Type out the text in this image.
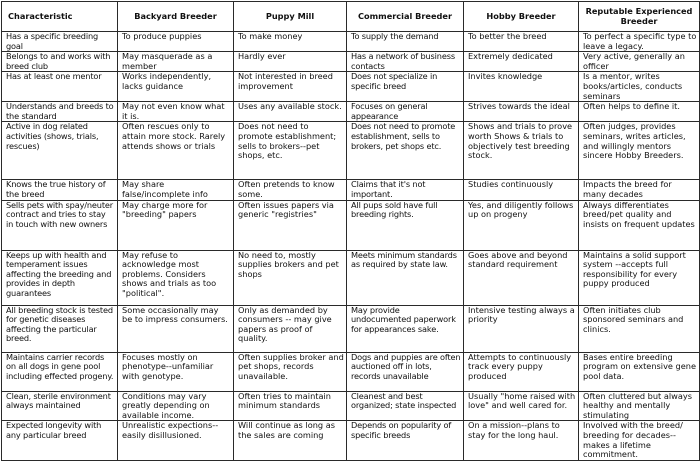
Characteristic	Backyard Breeder	Puppy Mill	Commercial Breeder	Hobby Breeder	Reputable Experienced Breeder
Has a specific breeding goal	To produce puppies	To make money	To supply the demand	To better the breed	To perfect a specific type to leave a legacy.
Belongs to and works with breed club	May masquerade as a member	Hardly ever	Has a network of business contacts	Extremely dedicated	Very active, generally an officer
Has at least one mentor	Works independently, lacks guidance	Not interested in breed improvement	Does not specialize in specific breed	Invites knowledge	Is a mentor, writes books/articles, conducts seminars
Understands and breeds to the standard	May not even know what it is.	Uses any available stock.	Focuses on general appearance	Strives towards the ideal	Often helps to define it.
Active in dog related activities (shows, trials, rescues)	Often rescues only to attain more stock. Rarely attends shows or trials	Does not need to promote establishment; sells to brokers--pet shops, etc.	Does not need to promote establishment, sells to brokers, pet shops etc.	Shows and trials to prove worth Shows & trials to objectively test breeding stock.	Often judges, provides seminars, writes articles, and willingly mentors sincere Hobby Breeders.
Knows the true history of the breed	May share false/incomplete info	Often pretends to know some.	Claims that it's not important.	Studies continuously	Impacts the breed for many decades
Sells pets with spay/neuter contract and tries to stay in touch with new owners	May charge more for "breeding" papers	Often issues papers via generic "registries"	All pups sold have full breeding rights.	Yes, and diligently follows up on progeny	Always differentiates breed/pet quality and insists on frequent updates
Keeps up with health and temperament issues affecting the breeding and provides in depth guarantees	May refuse to acknowledge most problems. Considers shows and trials as too "political".	No need to, mostly supplies brokers and pet shops	Meets minimum standards as required by state law.	Goes above and beyond standard requirement	Maintains a solid support system --accepts full responsibility for every puppy produced
All breeding stock is tested for genetic diseases affecting the particular breed.	Some occasionally may be to impress consumers.	Only as demanded by consumers -- may give papers as proof of quality.	May provide undocumented paperwork for appearances sake.	Intensive testing always a priority	Often initiates club sponsored seminars and clinics.
Maintains carrier records on all dogs in gene pool including effected progeny.	Focuses mostly on phenotype--unfamiliar with genotype.	Often supplies broker and pet shops, records unavailable.	Dogs and puppies are often auctioned off in lots, records unavailable	Attempts to continuously track every puppy produced	Bases entire breeding program on extensive gene pool data.
Clean, sterile environment always maintained	Conditions may vary greatly depending on available income.	Often tries to maintain minimum standards	Cleanest and best organized; state inspected	Usually "home raised with love" and well cared for.	Often cluttered but always healthy and mentally stimulating
Expected longevity with any particular breed	Unrealistic expections-- easily disillusioned.	Will continue as long as the sales are coming	Depends on popularity of specific breeds	On a mission--plans to stay for the long haul.	Involved with the breed/ breeding for decades--makes a lifetime commitment.
